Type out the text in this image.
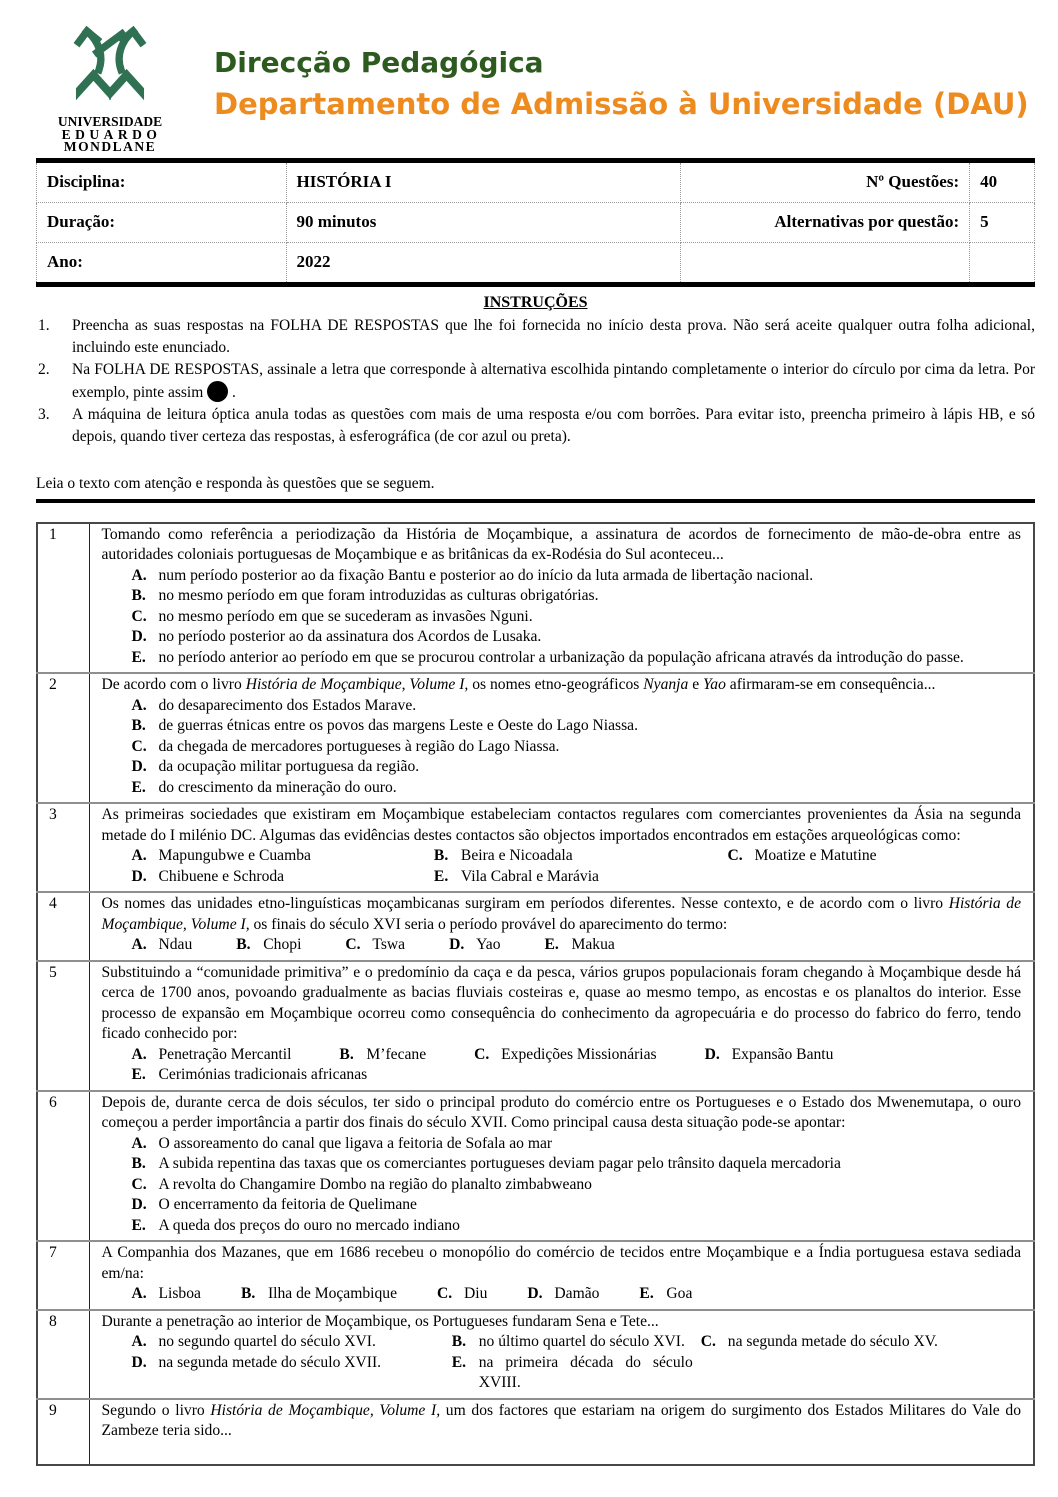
UNIVERSIDADE
EDUARDO
MONDLANE
Direcção Pedagógica
Departamento de Admissão à Universidade (DAU)
Disciplina:	HISTÓRIA I	Nº Questões:	40
Duração:	90 minutos	Alternativas por questão:	5
Ano:	2022		
INSTRUÇÕES
1.	Preencha as suas respostas na FOLHA DE RESPOSTAS que lhe foi fornecida no início desta prova. Não será aceite qualquer outra folha adicional, incluindo este enunciado.
2.	Na FOLHA DE RESPOSTAS, assinale a letra que corresponde à alternativa escolhida pintando completamente o interior do círculo por cima da letra. Por exemplo, pinte assim  .
3.	A máquina de leitura óptica anula todas as questões com mais de uma resposta e/ou com borrões. Para evitar isto, preencha primeiro à lápis HB, e só depois, quando tiver certeza das respostas, à esferográfica (de cor azul ou preta).
Leia o texto com atenção e responda às questões que se seguem.
1	Tomando como referência a periodização da História de Moçambique, a assinatura de acordos de fornecimento de mão-de-obra entre as autoridades coloniais portuguesas de Moçambique e as britânicas da ex-Rodésia do Sul aconteceu...
A. num período posterior ao da fixação Bantu e posterior ao do início da luta armada de libertação nacional.
B. no mesmo período em que foram introduzidas as culturas obrigatórias.
C. no mesmo período em que se sucederam as invasões Nguni.
D. no período posterior ao da assinatura dos Acordos de Lusaka.
E. no período anterior ao período em que se procurou controlar a urbanização da população africana através da introdução do passe.

2	De acordo com o livro História de Moçambique, Volume I, os nomes etno-geográficos Nyanja e Yao afirmaram-se em consequência...
A. do desaparecimento dos Estados Marave.
B. de guerras étnicas entre os povos das margens Leste e Oeste do Lago Niassa.
C. da chegada de mercadores portugueses à região do Lago Niassa.
D. da ocupação militar portuguesa da região.
E. do crescimento da mineração do ouro.

3	As primeiras sociedades que existiram em Moçambique estabeleciam contactos regulares com comerciantes provenientes da Ásia na segunda metade do I milénio DC. Algumas das evidências destes contactos são objectos importados encontrados em estações arqueológicas como:
A. Mapungubwe e Cuamba	B. Beira e Nicoadala	C. Moatize e Matutine
D. Chibuene e Schroda	E. Vila Cabral e Marávia

4	Os nomes das unidades etno-linguísticas moçambicanas surgiram em períodos diferentes. Nesse contexto, e de acordo com o livro História de Moçambique, Volume I, os finais do século XVI seria o período provável do aparecimento do termo:
A. Ndau	B. Chopi	C. Tswa	D. Yao	E. Makua

5	Substituindo a “comunidade primitiva” e o predomínio da caça e da pesca, vários grupos populacionais foram chegando à Moçambique desde há cerca de 1700 anos, povoando gradualmente as bacias fluviais costeiras e, quase ao mesmo tempo, as encostas e os planaltos do interior. Esse processo de expansão em Moçambique ocorreu como consequência do conhecimento da agropecuária e do processo do fabrico do ferro, tendo ficado conhecido por:
A. Penetração Mercantil	B. M’fecane	C. Expedições Missionárias	D. Expansão Bantu
E. Cerimónias tradicionais africanas

6	Depois de, durante cerca de dois séculos, ter sido o principal produto do comércio entre os Portugueses e o Estado dos Mwenemutapa, o ouro começou a perder importância a partir dos finais do século XVII. Como principal causa desta situação pode-se apontar:
A. O assoreamento do canal que ligava a feitoria de Sofala ao mar
B. A subida repentina das taxas que os comerciantes portugueses deviam pagar pelo trânsito daquela mercadoria
C. A revolta do Changamire Dombo na região do planalto zimbabweano
D. O encerramento da feitoria de Quelimane
E. A queda dos preços do ouro no mercado indiano

7	A Companhia dos Mazanes, que em 1686 recebeu o monopólio do comércio de tecidos entre Moçambique e a Índia portuguesa estava sediada em/na:
A. Lisboa	B. Ilha de Moçambique	C. Diu	D. Damão	E. Goa

8	Durante a penetração ao interior de Moçambique, os Portugueses fundaram Sena e Tete...
A. no segundo quartel do século XVI.	B. no último quartel do século XVI.	C. na segunda metade do século XV.
D. na segunda metade do século XVII.	E. na primeira década do século XVIII.

9	Segundo o livro História de Moçambique, Volume I, um dos factores que estariam na origem do surgimento dos Estados Militares do Vale do Zambeze teria sido...
